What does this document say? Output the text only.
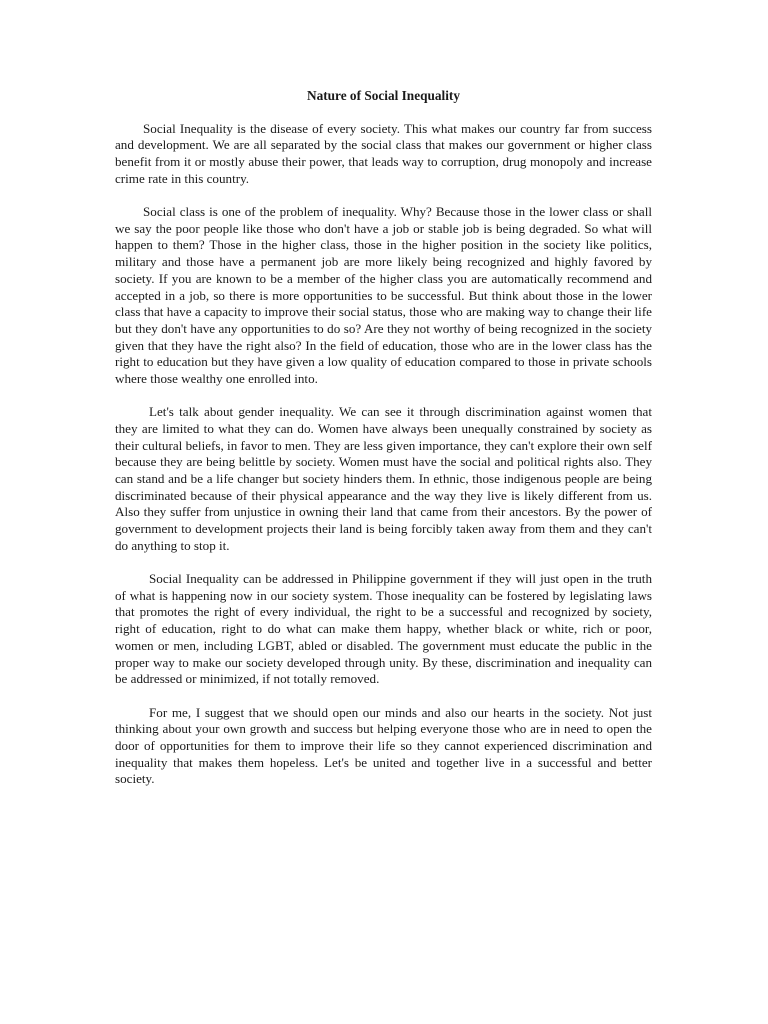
Nature of Social Inequality

Social Inequality is the disease of every society. This what makes our country far from success and development. We are all separated by the social class that makes our government or higher class benefit from it or mostly abuse their power, that leads way to corruption, drug monopoly and increase crime rate in this country.

Social class is one of the problem of inequality. Why? Because those in the lower class or shall we say the poor people like those who don't have a job or stable job is being degraded. So what will happen to them? Those in the higher class, those in the higher position in the society like politics, military and those have a permanent job are more likely being recognized and highly favored by society. If you are known to be a member of the higher class you are automatically recommend and accepted in a job, so there is more opportunities to be successful. But think about those in the lower class that have a capacity to improve their social status, those who are making way to change their life but they don't have any opportunities to do so? Are they not worthy of being recognized in the society given that they have the right also? In the field of education, those who are in the lower class has the right to education but they have given a low quality of education compared to those in private schools where those wealthy one enrolled into.

Let's talk about gender inequality. We can see it through discrimination against women that they are limited to what they can do. Women have always been unequally constrained by society as their cultural beliefs, in favor to men. They are less given importance, they can't explore their own self because they are being belittle by society. Women must have the social and political rights also. They can stand and be a life changer but society hinders them. In ethnic, those indigenous people are being discriminated because of their physical appearance and the way they live is likely different from us. Also they suffer from unjustice in owning their land that came from their ancestors. By the power of government to development projects their land is being forcibly taken away from them and they can't do anything to stop it.

Social Inequality can be addressed in Philippine government if they will just open in the truth of what is happening now in our society system. Those inequality can be fostered by legislating laws that promotes the right of every individual, the right to be a successful and recognized by society, right of education, right to do what can make them happy, whether black or white, rich or poor, women or men, including LGBT, abled or disabled. The government must educate the public in the proper way to make our society developed through unity. By these, discrimination and inequality can be addressed or minimized, if not totally removed.

For me, I suggest that we should open our minds and also our hearts in the society. Not just thinking about your own growth and success but helping everyone those who are in need to open the door of opportunities for them to improve their life so they cannot experienced discrimination and inequality that makes them hopeless. Let's be united and together live in a successful and better society.
